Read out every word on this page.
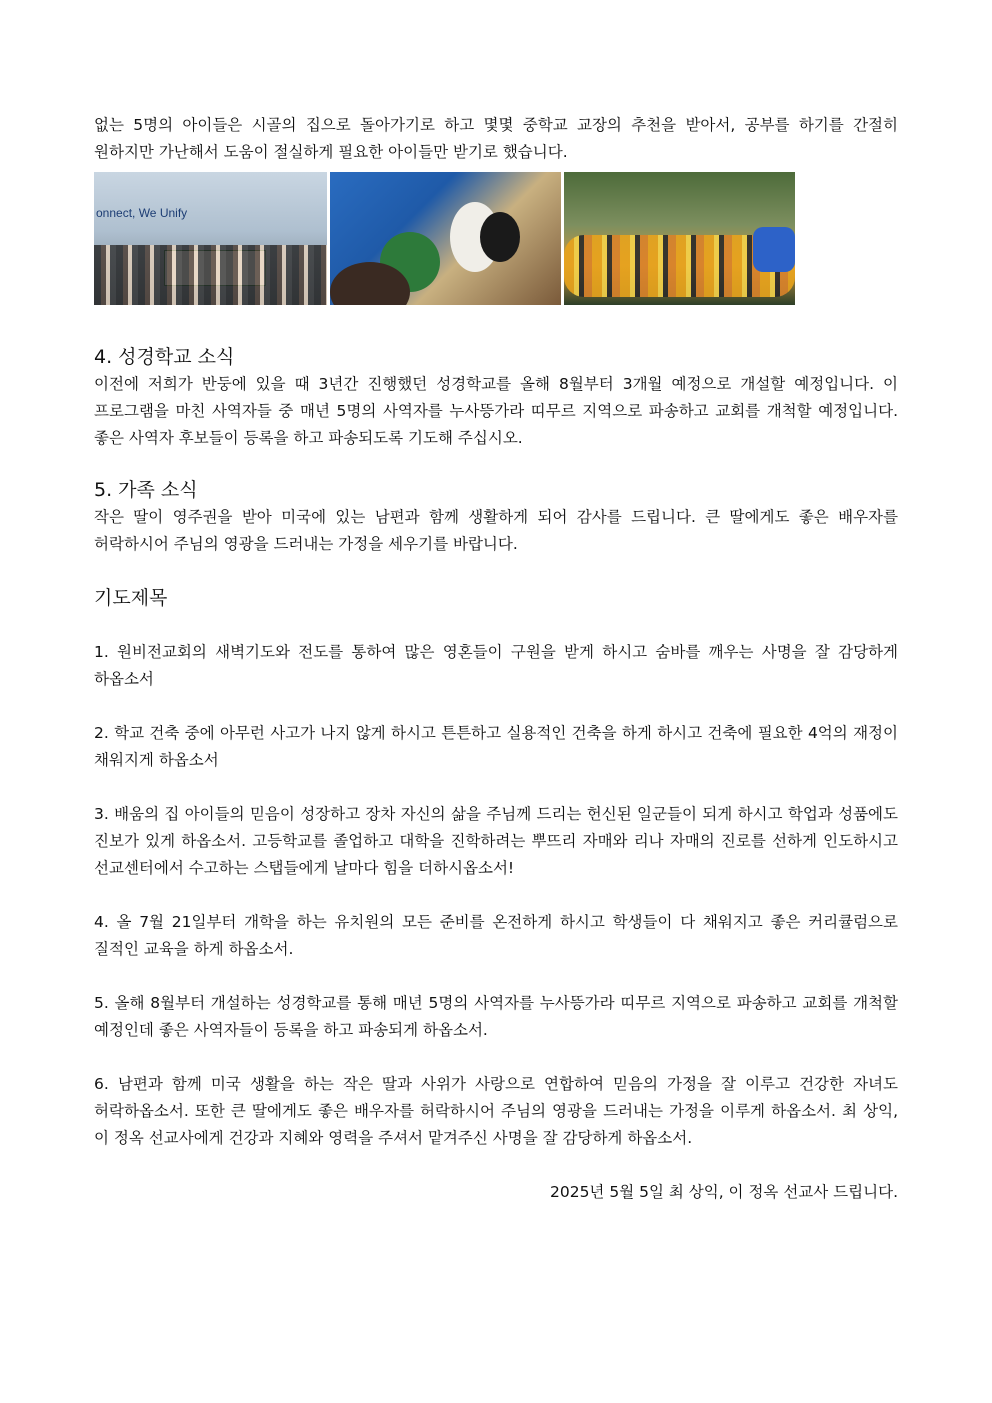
없는 5명의 아이들은 시골의 집으로 돌아가기로 하고 몇몇 중학교 교장의 추천을 받아서, 공부를 하기를 간절히 원하지만 가난해서 도움이 절실하게 필요한 아이들만 받기로 했습니다.

onnect, We Unify
4. 성경학교 소식

이전에 저희가 반둥에 있을 때 3년간 진행했던 성경학교를 올해 8월부터 3개월 예정으로 개설할 예정입니다. 이 프로그램을 마친 사역자들 중 매년 5명의 사역자를 누사뜽가라 띠무르 지역으로 파송하고 교회를 개척할 예정입니다. 좋은 사역자 후보들이 등록을 하고 파송되도록 기도해 주십시오.

5. 가족 소식

작은 딸이 영주권을 받아 미국에 있는 남편과 함께 생활하게 되어 감사를 드립니다. 큰 딸에게도 좋은 배우자를 허락하시어 주님의 영광을 드러내는 가정을 세우기를 바랍니다.

기도제목

1. 원비전교회의 새벽기도와 전도를 통하여 많은 영혼들이 구원을 받게 하시고 숨바를 깨우는 사명을 잘 감당하게 하옵소서

2. 학교 건축 중에 아무런 사고가 나지 않게 하시고 튼튼하고 실용적인 건축을 하게 하시고 건축에 필요한 4억의 재정이 채워지게 하옵소서

3. 배움의 집 아이들의 믿음이 성장하고 장차 자신의 삶을 주님께 드리는 헌신된 일군들이 되게 하시고 학업과 성품에도 진보가 있게 하옵소서. 고등학교를 졸업하고 대학을 진학하려는 뿌뜨리 자매와 리나 자매의 진로를 선하게 인도하시고 선교센터에서 수고하는 스탭들에게 날마다 힘을 더하시옵소서!

4. 올 7월 21일부터 개학을 하는 유치원의 모든 준비를 온전하게 하시고 학생들이 다 채워지고 좋은 커리큘럼으로 질적인 교육을 하게 하옵소서.

5. 올해 8월부터 개설하는 성경학교를 통해 매년 5명의 사역자를 누사뜽가라 띠무르 지역으로 파송하고 교회를 개척할 예정인데 좋은 사역자들이 등록을 하고 파송되게 하옵소서.

6. 남편과 함께 미국 생활을 하는 작은 딸과 사위가 사랑으로 연합하여 믿음의 가정을 잘 이루고 건강한 자녀도 허락하옵소서. 또한 큰 딸에게도 좋은 배우자를 허락하시어 주님의 영광을 드러내는 가정을 이루게 하옵소서. 최 상익, 이 정옥 선교사에게 건강과 지혜와 영력을 주셔서 맡겨주신 사명을 잘 감당하게 하옵소서.

2025년 5월 5일 최 상익, 이 정옥 선교사 드립니다.
